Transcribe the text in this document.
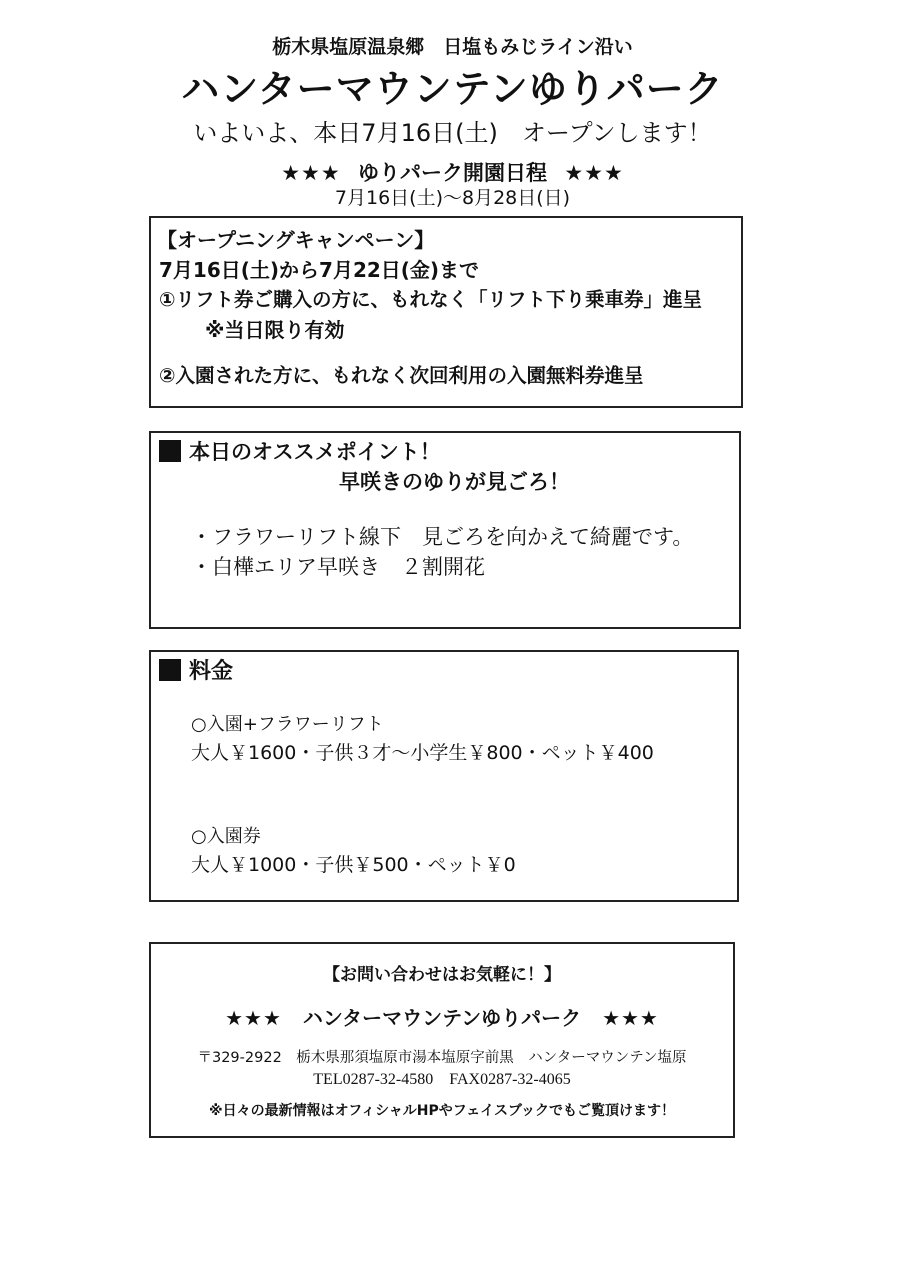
栃木県塩原温泉郷　日塩もみじライン沿い
ハンターマウンテンゆりパーク
いよいよ、本日7月16日(土)　オープンします！
★★★ ゆりパーク開園日程 ★★★
7月16日(土)～8月28日(日)
【オープニングキャンペーン】
7月16日(土)から7月22日(金)まで
①リフト券ご購入の方に、もれなく「リフト下り乗車券」進呈
※当日限り有効
②入園された方に、もれなく次回利用の入園無料券進呈
本日のオススメポイント！
早咲きのゆりが見ごろ！
・フラワーリフト線下　見ごろを向かえて綺麗です。
・白樺エリア早咲き　２割開花
料金
○入園+フラワーリフト
大人￥1600・子供３才～小学生￥800・ペット￥400
○入園券
大人￥1000・子供￥500・ペット￥0
【お問い合わせはお気軽に！】
★★★ ハンターマウンテンゆりパーク ★★★
〒329-2922　栃木県那須塩原市湯本塩原字前黒　ハンターマウンテン塩原
TEL0287-32-4580　FAX0287-32-4065
※日々の最新情報はオフィシャルHPやフェイスブックでもご覧頂けます！
